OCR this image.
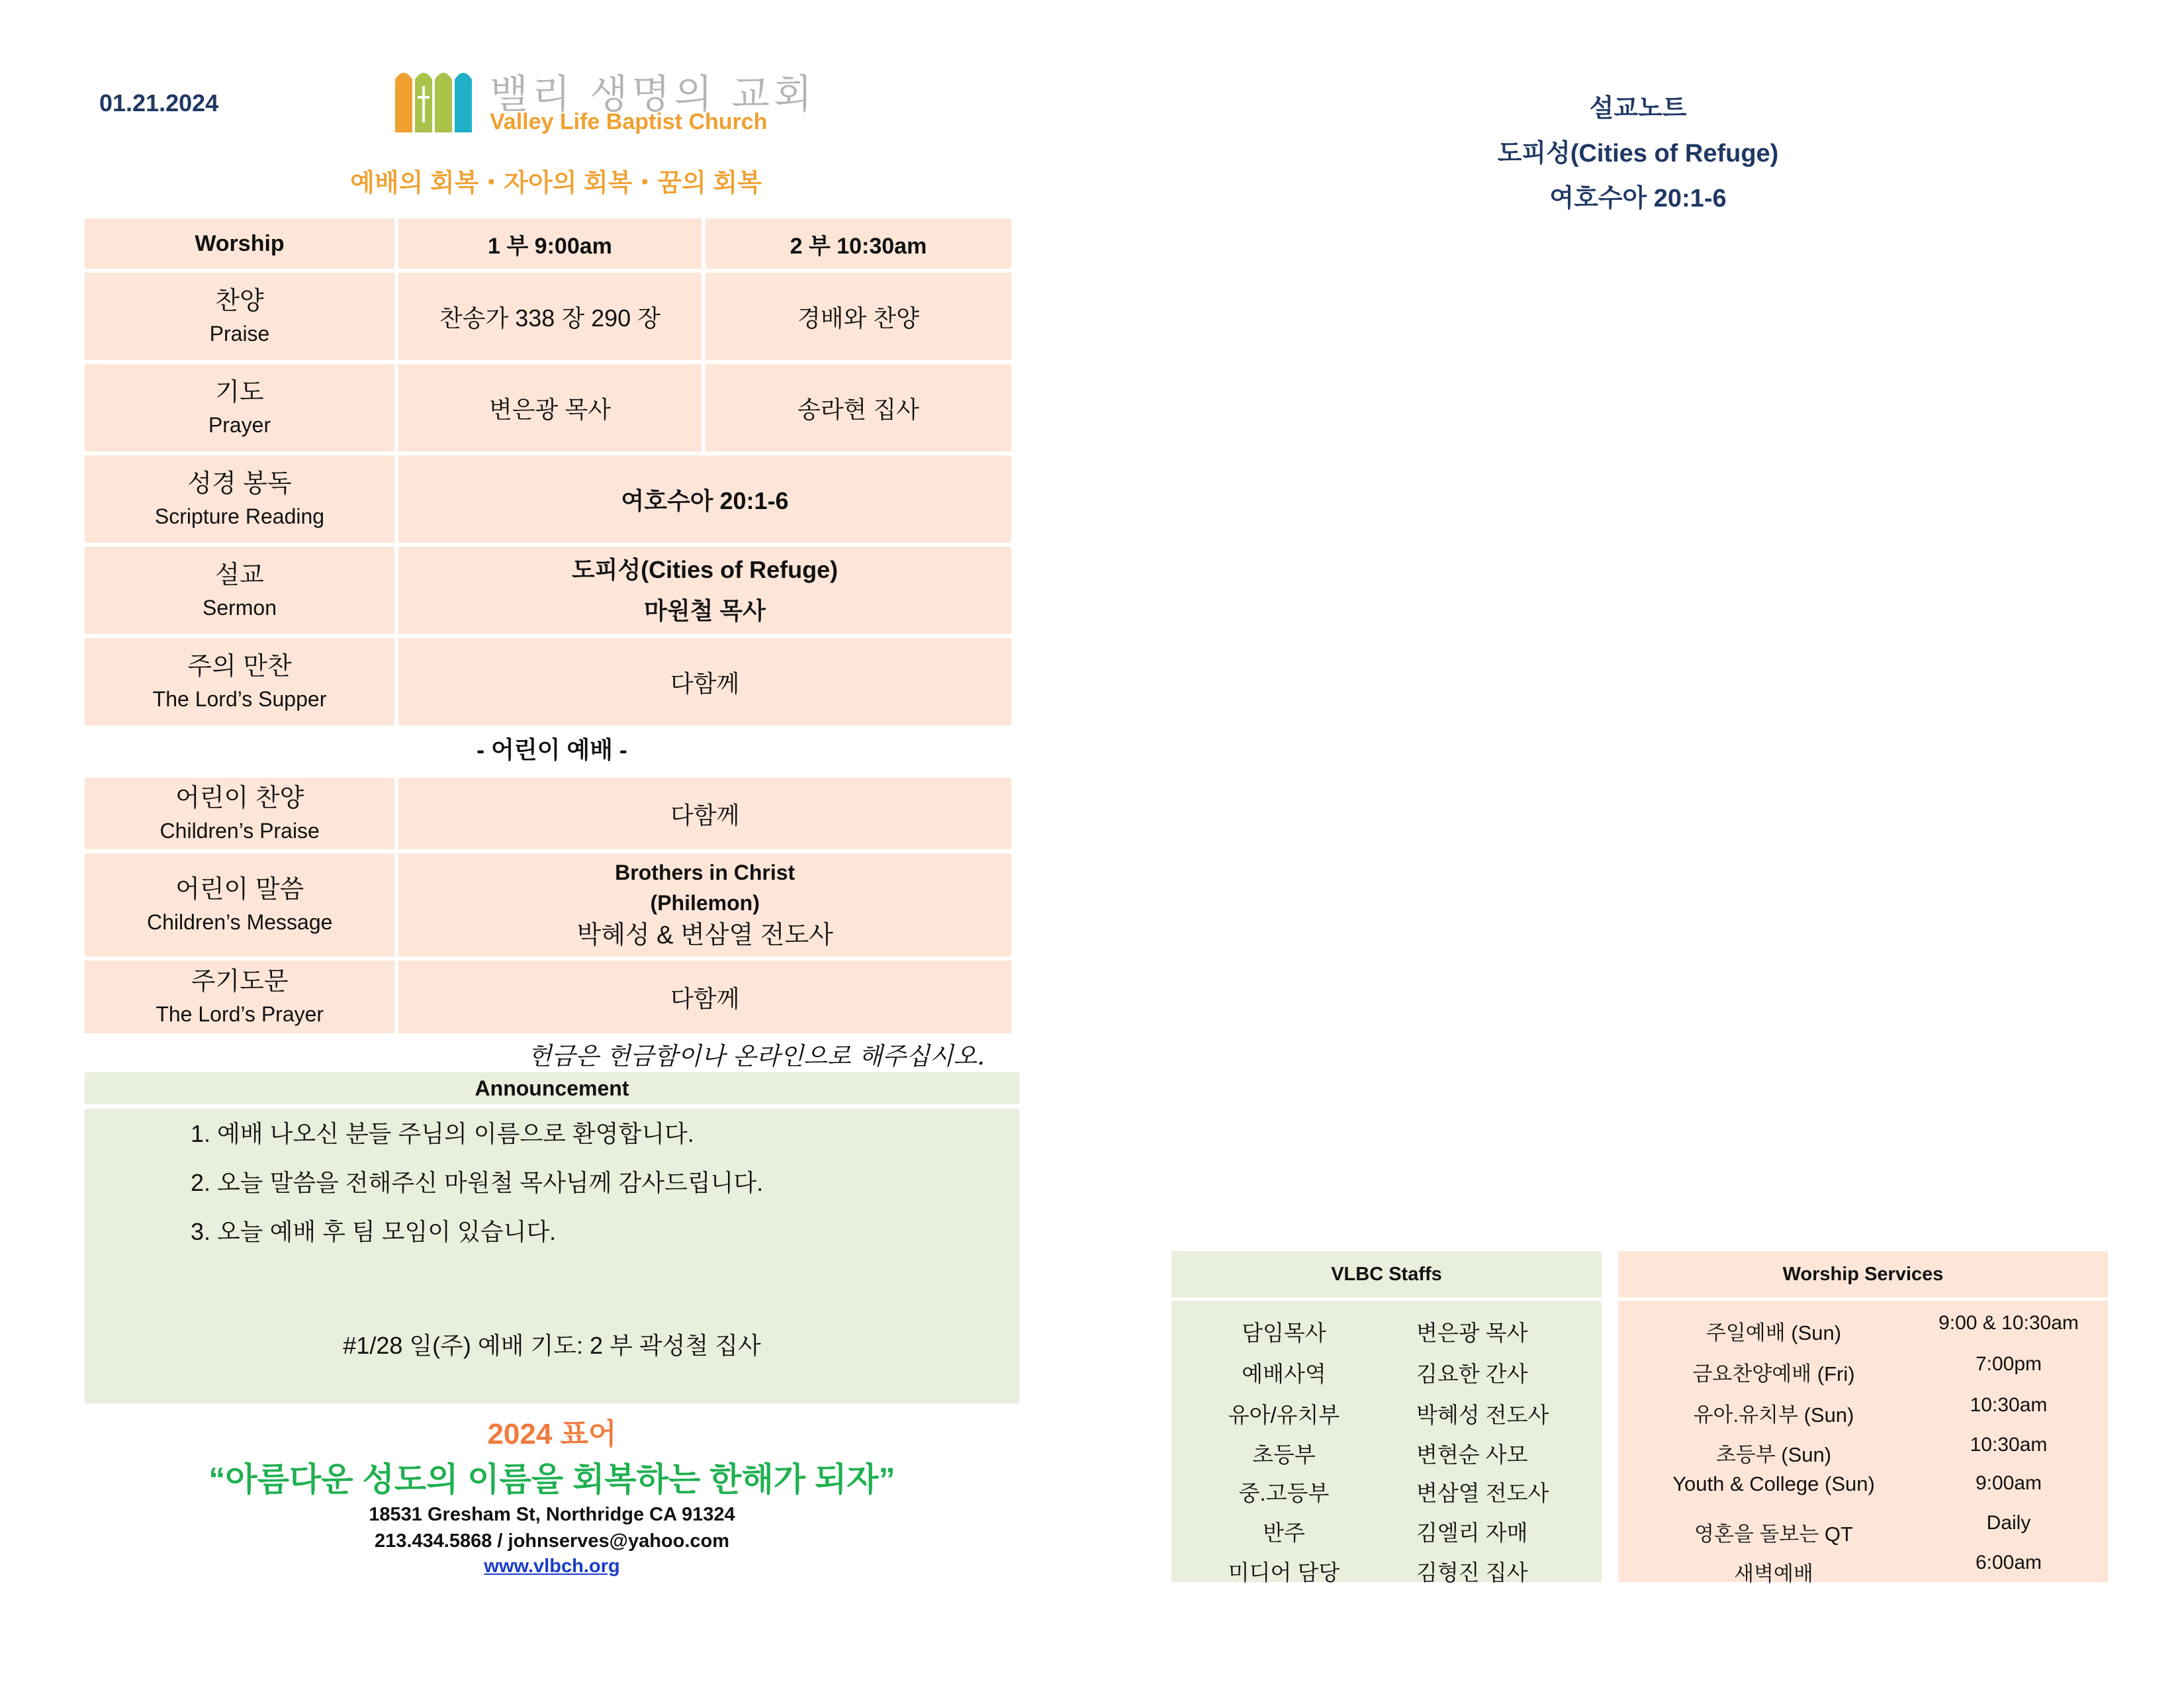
01.21.2024	밸리 생명의 교회
Valley Life Baptist Church
예배의 회복・자아의 회복・꿈의 회복
Worship	1 부 9:00am	2 부 10:30am

찬양
Praise	찬송가 338 장 290 장	경배와 찬양

기도
Prayer	변은광 목사	송라현 집사

성경 봉독
Scripture Reading	여호수아 20:1-6	

설교
Sermon	도피성(Cities of Refuge)
마원철 목사	

주의 만찬
The Lord’s Supper	다함께	
- 어린이 예배 -
어린이 찬양
Children’s Praise	다함께

어린이 말씀
Children’s Message	Brothers in Christ
(Philemon)
박혜성 & 변삼열 전도사

주기도문
The Lord’s Prayer	다함께
헌금은 헌금함이나 온라인으로 해주십시오.
Announcement
1. 예배 나오신 분들 주님의 이름으로 환영합니다.
2. 오늘 말씀을 전해주신 마원철 목사님께 감사드립니다.
3. 오늘 예배 후 팀 모임이 있습니다.
#1/28 일(주) 예배 기도: 2 부 곽성철 집사
2024 표어
“아름다운 성도의 이름을 회복하는 한해가 되자”
18531 Gresham St, Northridge CA 91324
213.434.5868 / johnserves@yahoo.com
www.vlbch.org
설교노트
도피성(Cities of Refuge)
여호수아 20:1-6
VLBC Staffs
담임목사	변은광 목사
예배사역	김요한 간사
유아/유치부	박혜성 전도사
초등부	변현순 사모
중.고등부	변삼열 전도사
반주	김엘리 자매
미디어 담당	김형진 집사
Worship Services
주일예배 (Sun)	9:00 & 10:30am
금요찬양예배 (Fri)	7:00pm
유아.유치부 (Sun)	10:30am
초등부 (Sun)	10:30am
Youth & College (Sun)	9:00am
영혼을 돌보는 QT	Daily
새벽예배	6:00am
